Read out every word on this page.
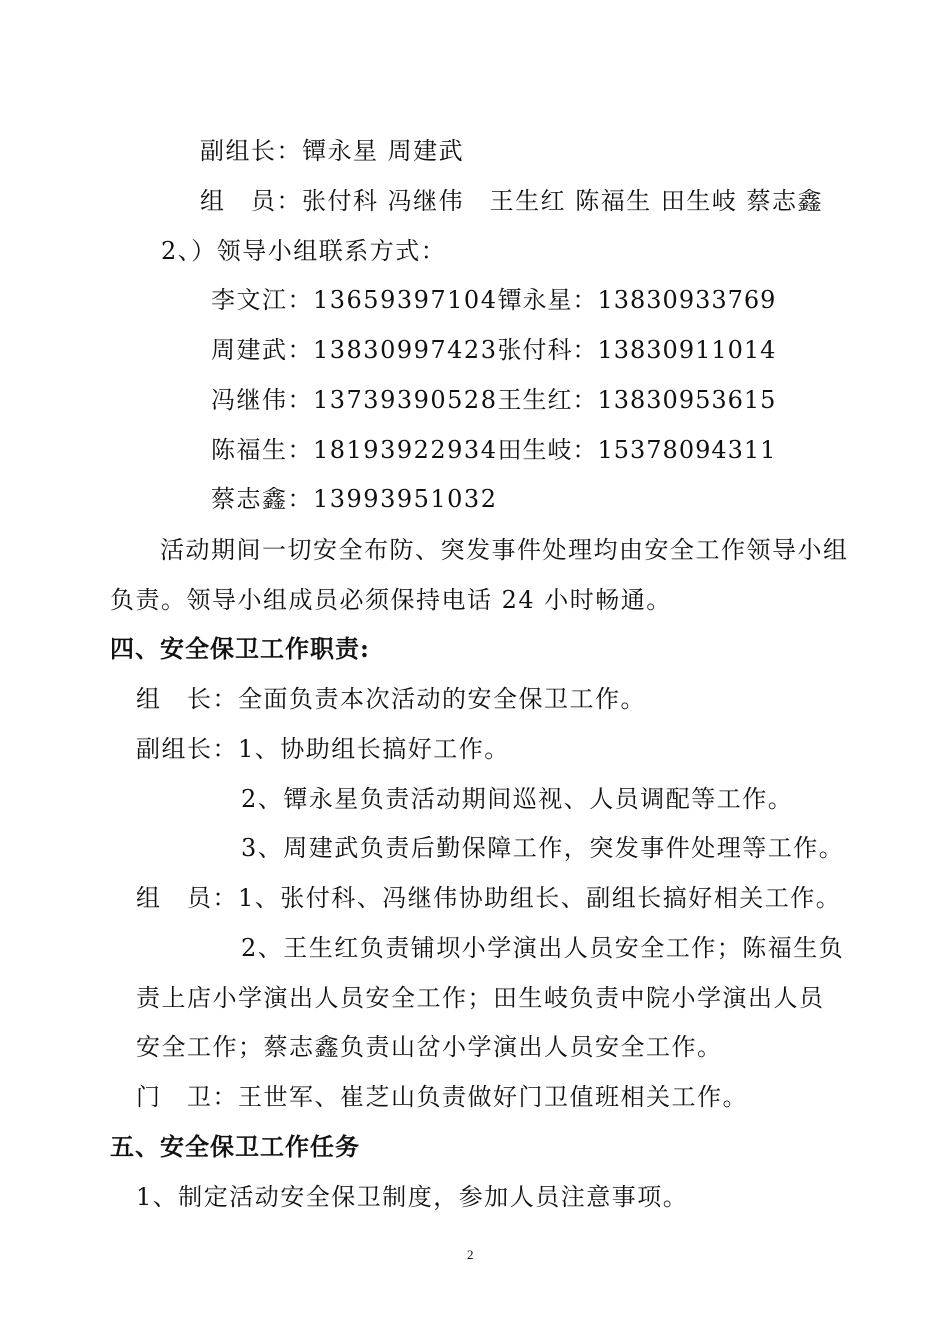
副组长：镡永星 周建武
组　员：张付科 冯继伟　王生红 陈福生 田生岐 蔡志鑫
2、）领导小组联系方式：
李文江：13659397104镡永星：13830933769
周建武：13830997423张付科：13830911014
冯继伟：13739390528王生红：13830953615
陈福生：18193922934田生岐：15378094311
蔡志鑫：13993951032
活动期间一切安全布防、突发事件处理均由安全工作领导小组
负责。领导小组成员必须保持电话 24 小时畅通。
四、安全保卫工作职责:
组　长：全面负责本次活动的安全保卫工作。
副组长：1、协助组长搞好工作。
2、镡永星负责活动期间巡视、人员调配等工作。
3、周建武负责后勤保障工作，突发事件处理等工作。
组　员：1、张付科、冯继伟协助组长、副组长搞好相关工作。
2、王生红负责铺坝小学演出人员安全工作；陈福生负
责上店小学演出人员安全工作；田生岐负责中院小学演出人员
安全工作；蔡志鑫负责山岔小学演出人员安全工作。
门　卫：王世军、崔芝山负责做好门卫值班相关工作。
五、安全保卫工作任务
1、制定活动安全保卫制度，参加人员注意事项。
2
